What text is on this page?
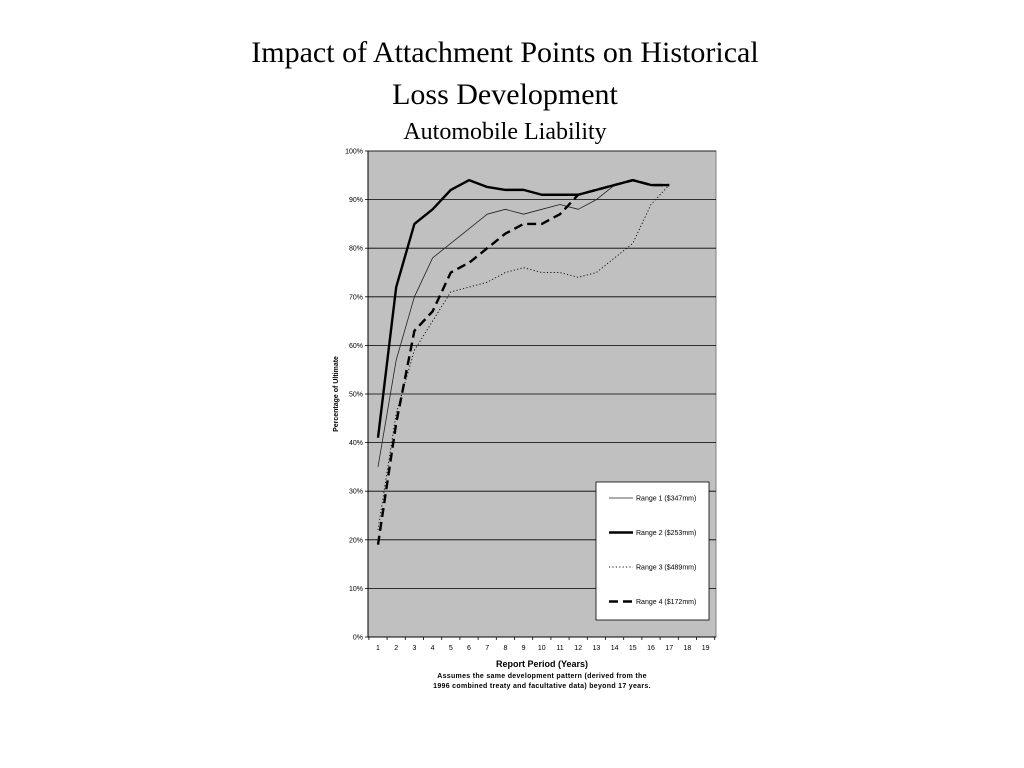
Impact of Attachment Points on Historical
Loss Development
Automobile Liability
0%
10%
20%
30%
40%
50%
60%
70%
80%
90%
100%
1 2 3 4 5 6 7 8 9 10 11 12 13 14 15 16 17 18 19
Range 1 ($347mm)
Range 2 ($253mm)
Range 3 ($489mm)
Range 4 ($172mm)
Report Period (Years)
Percentage of Ultimate
Assumes the same development pattern (derived from the
1996 combined treaty and facultative data) beyond 17 years.
